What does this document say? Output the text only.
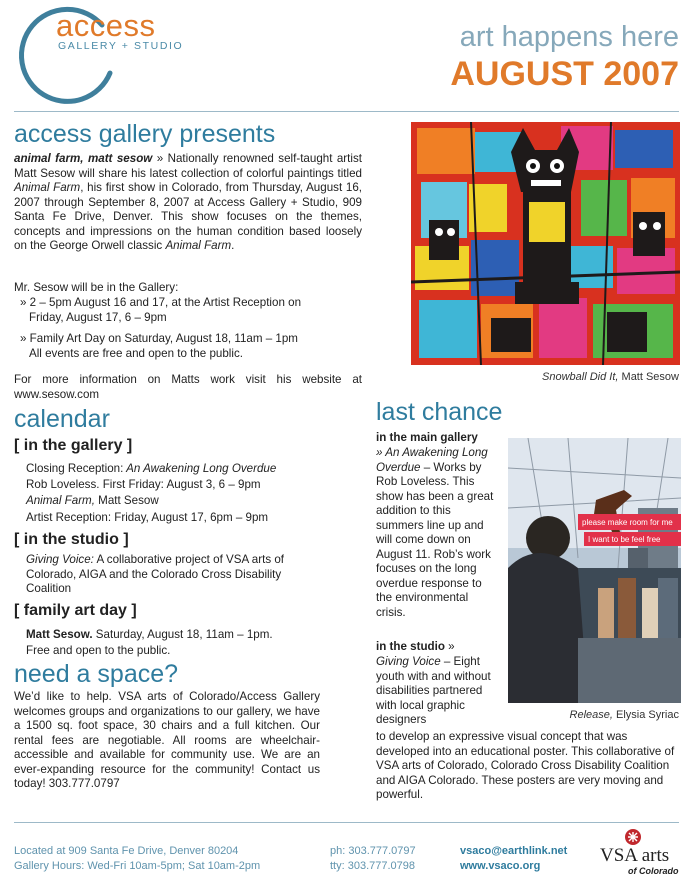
access
GALLERY + STUDIO	art happens here
AUGUST 2007
access gallery presents
animal farm, matt sesow » Nationally renowned self-taught artist Matt Sesow will share his latest collection of colorful paintings titled Animal Farm, his first show in Colorado, from Thursday, August 16, 2007 through September 8, 2007 at Access Gallery + Studio, 909 Santa Fe Drive, Denver. This show focuses on the themes, concepts and impressions on the human condition based loosely on the George Orwell classic Animal Farm.
Mr. Sesow will be in the Gallery:
» 2 – 5pm August 16 and 17, at the Artist Reception on
Friday, August 17, 6 – 9pm
» Family Art Day on Saturday, August 18, 11am – 1pm
All events are free and open to the public.
For more information on Matts work visit his website at www.sesow.com
Snowball Did It, Matt Sesow
calendar
[ in the gallery ]
Closing Reception: An Awakening Long Overdue
Rob Loveless. First Friday: August 3, 6 – 9pm
Animal Farm, Matt Sesow
Artist Reception: Friday, August 17, 6pm – 9pm
[ in the studio ]
Giving Voice: A collaborative project of VSA arts of Colorado, AIGA and the Colorado Cross Disability Coalition
[ family art day ]
Matt Sesow. Saturday, August 18, 11am – 1pm.
Free and open to the public.
need a space?
We’d like to help. VSA arts of Colorado/Access Gallery welcomes groups and organizations to our gallery, we have a 1500 sq. foot space, 30 chairs and a full kitchen. Our rental fees are negotiable. All rooms are wheelchair-accessible and available for community use. We are an ever-expanding resource for the community! Contact us today! 303.777.0797
last chance
in the main gallery
» An Awakening Long Overdue – Works by Rob Loveless. This show has been a great addition to this summers line up and will come down on August 11. Rob’s work focuses on the long overdue response to the environmental crisis.
in the studio »
Giving Voice – Eight youth with and without disabilities partnered with local graphic designers
to develop an expressive visual concept that was developed into an educational poster. This collaborative of VSA arts of Colorado, Colorado Cross Disability Coalition and AIGA Colorado. These posters are very moving and powerful.
please make room for me
I want to be feel free
Release, Elysia Syriac
Located at 909 Santa Fe Drive, Denver 80204
Gallery Hours: Wed-Fri 10am-5pm; Sat 10am-2pm
ph: 303.777.0797
tty: 303.777.0798
vsaco@earthlink.net
www.vsaco.org	VSA arts
of Colorado
